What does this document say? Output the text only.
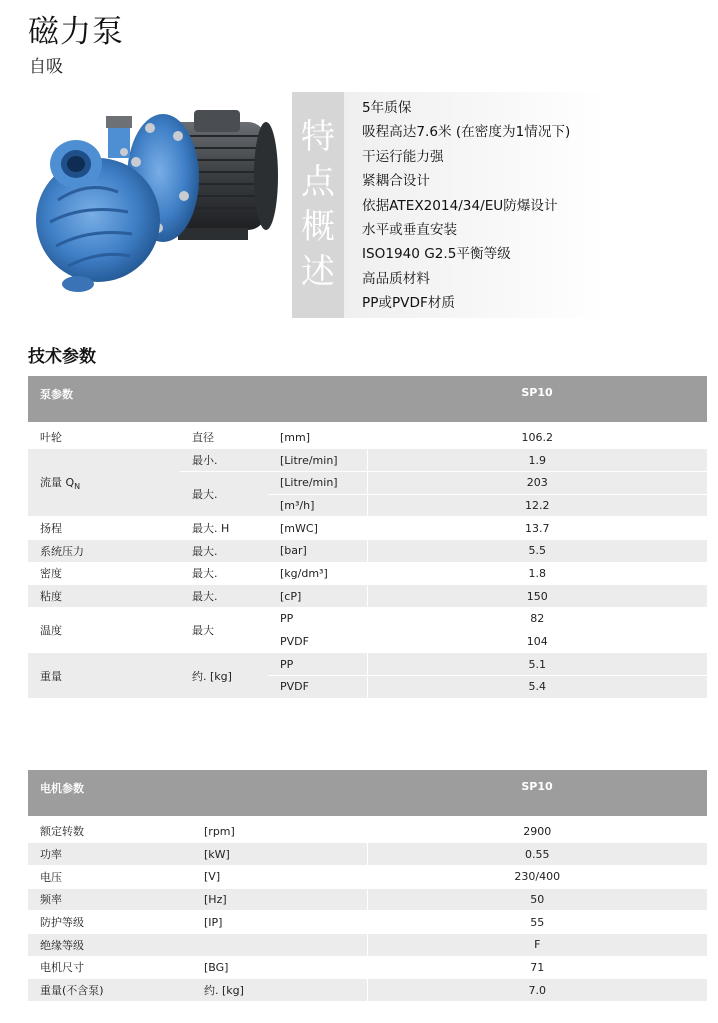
磁力泵
自吸
特
点
概
述
5年质保
吸程高达7.6米 (在密度为1情况下)
干运行能力强
紧耦合设计
依据ATEX2014/34/EU防爆设计
水平或垂直安装
ISO1940 G2.5平衡等级
高品质材料
PP或PVDF材质
技术参数
泵参数			SP10

叶轮	直径	[mm]	106.2
流量 $Q_N$	最小.	[Litre/min]	1.9
	最大.	[Litre/min]	203
		[m³/h]	12.2
扬程	最大. H	[mWC]	13.7
系统压力	最大.	[bar]	5.5
密度	最大.	[kg/dm³]	1.8
粘度	最大.	[cP]	150
温度	最大	PP	82
		PVDF	104
重量	约. [kg]	PP	5.1
		PVDF	5.4
电机参数		SP10

额定转数	[rpm]	2900
功率	[kW]	0.55
电压	[V]	230/400
频率	[Hz]	50
防护等级	[IP]	55
绝缘等级		F
电机尺寸	[BG]	71
重量(不含泵)	约. [kg]	7.0
